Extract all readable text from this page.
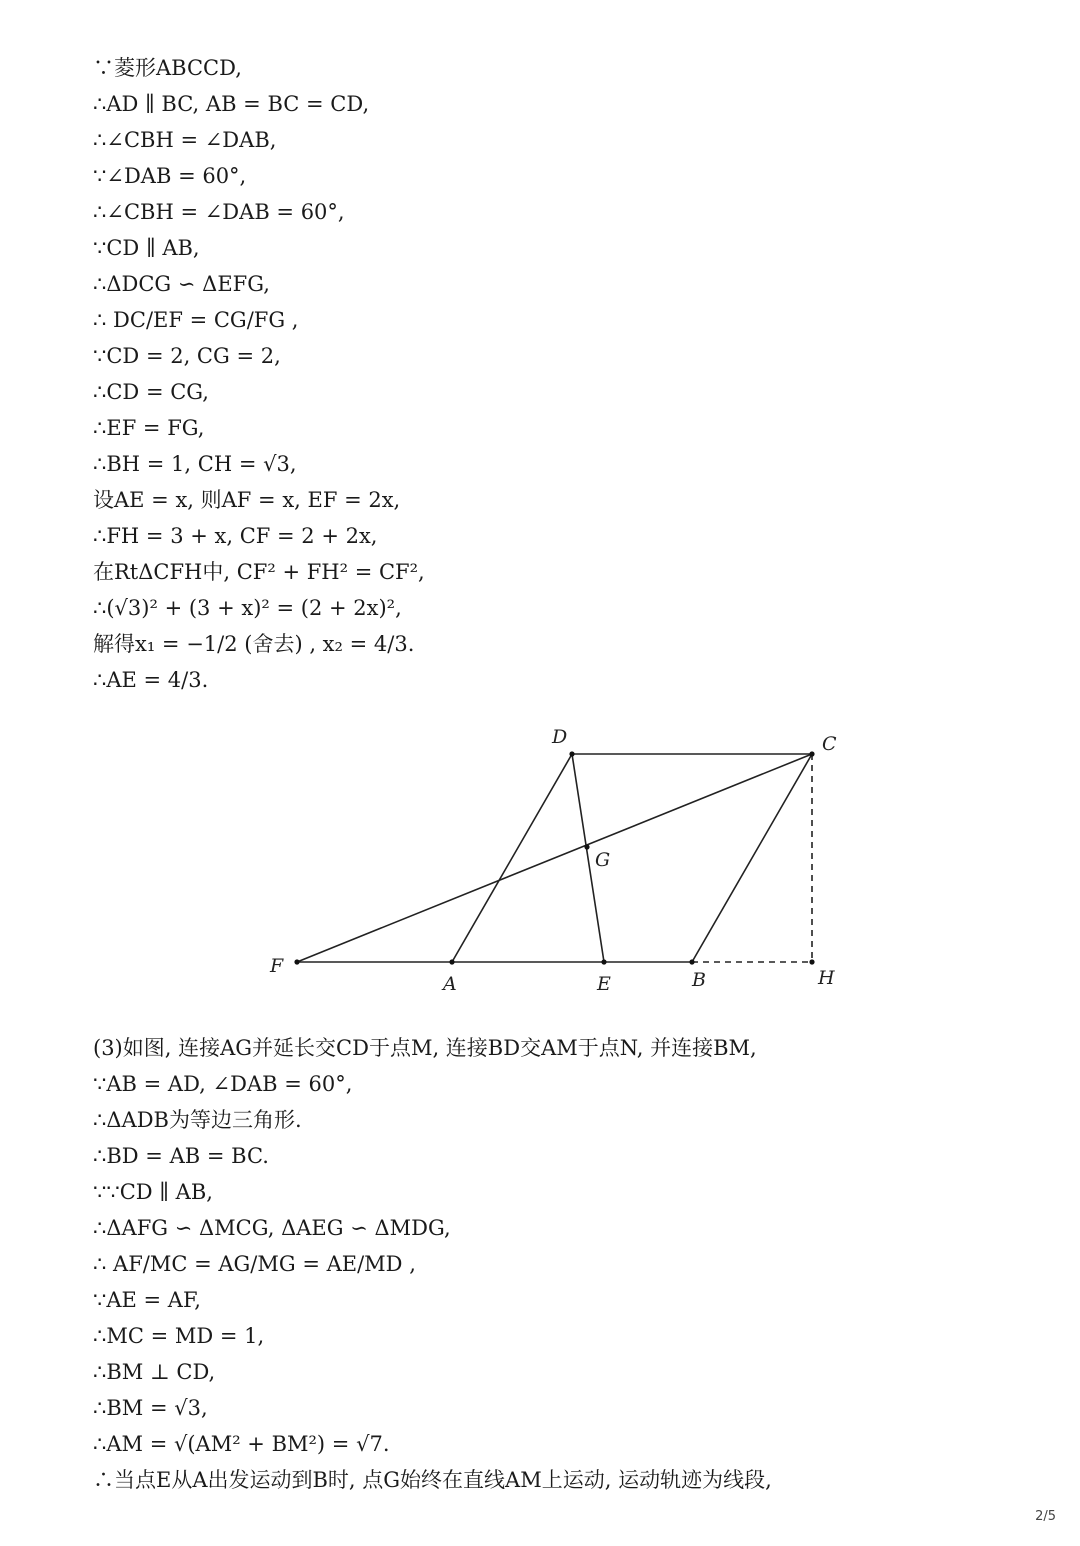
∵菱形ABCCD,
∴AD ∥ BC, AB = BC = CD,
∴∠CBH = ∠DAB,
∵∠DAB = 60°,
∴∠CBH = ∠DAB = 60°,
∵CD ∥ AB,
∴ΔDCG ∽ ΔEFG,
∴ DC/EF = CG/FG ,
∵CD = 2, CG = 2,
∴CD = CG,
∴EF = FG,
∴BH = 1, CH = √3,
设AE = x, 则AF = x, EF = 2x,
∴FH = 3 + x, CF = 2 + 2x,
在RtΔCFH中, CF² + FH² = CF²,
∴(√3)² + (3 + x)² = (2 + 2x)²,
解得x₁ = −1/2 (舍去) , x₂ = 4/3.
∴AE = 4/3.
D	C
G
F
A	E	B	H
(3)如图, 连接AG并延长交CD于点M, 连接BD交AM于点N, 并连接BM,
∵AB = AD, ∠DAB = 60°,
∴ΔADB为等边三角形.
∴BD = AB = BC.
∵∵CD ∥ AB,
∴ΔAFG ∽ ΔMCG, ΔAEG ∽ ΔMDG,
∴ AF/MC = AG/MG = AE/MD ,
∵AE = AF,
∴MC = MD = 1,
∴BM ⊥ CD,
∴BM = √3,
∴AM = √(AM² + BM²) = √7.
∴当点E从A出发运动到B时, 点G始终在直线AM上运动, 运动轨迹为线段,
2/5
